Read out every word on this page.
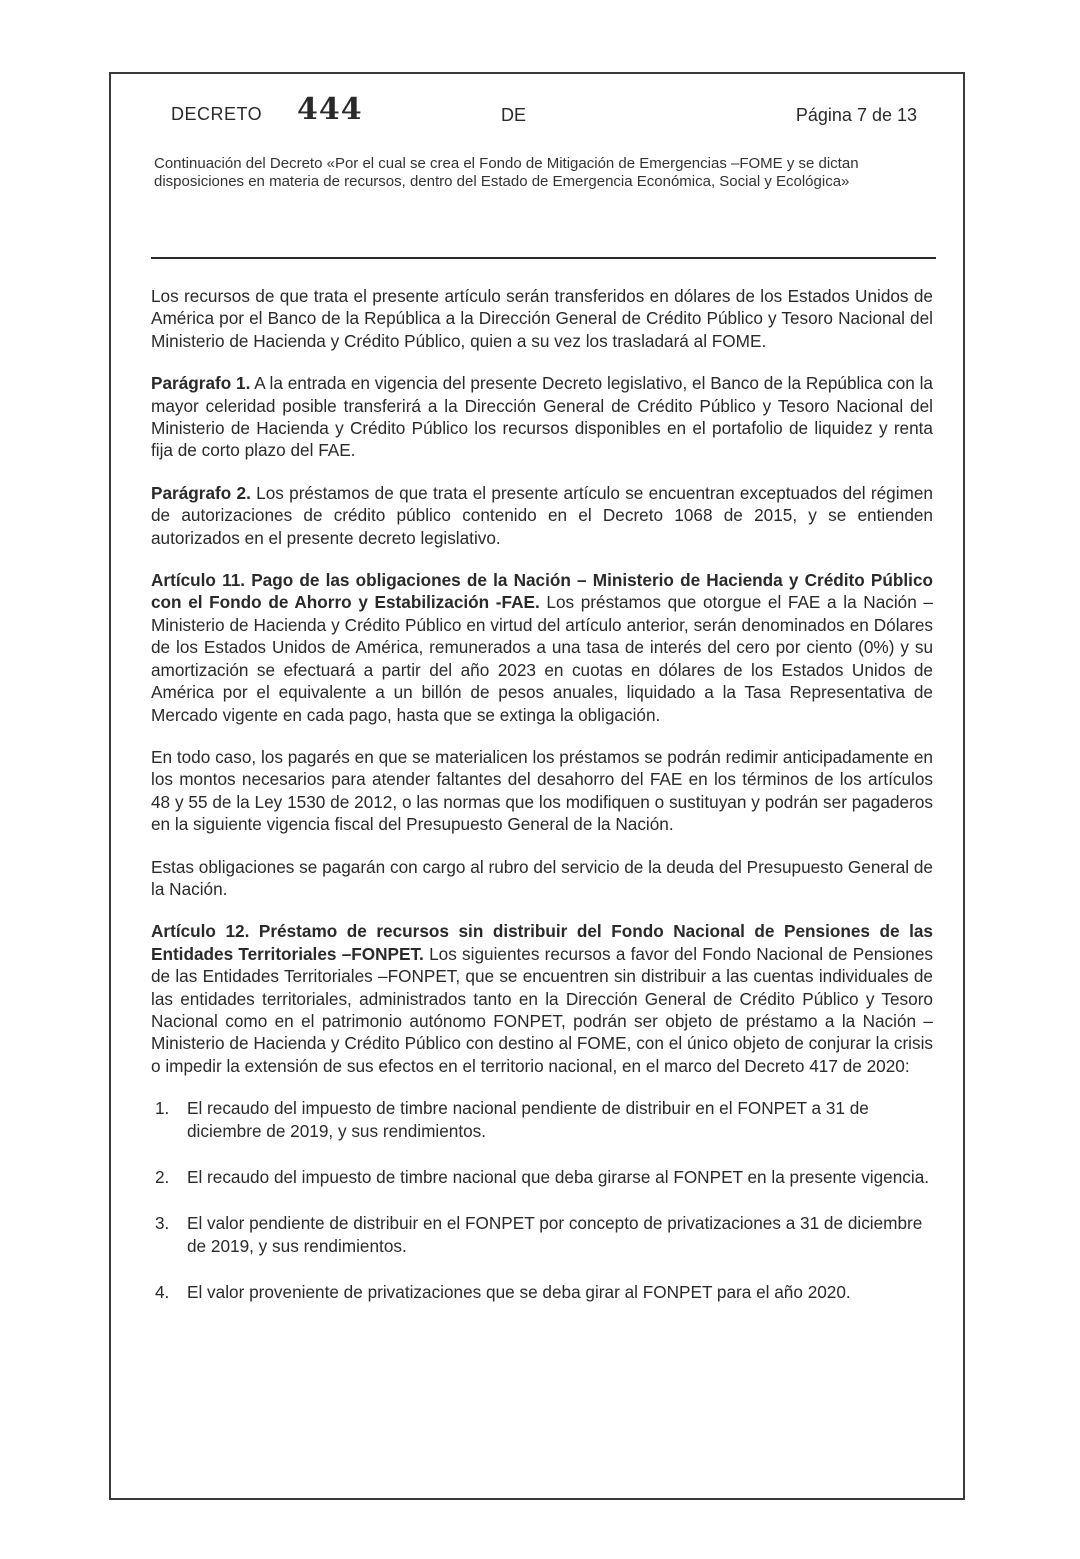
DECRETO 444	DE	Página 7 de 13
Continuación del Decreto «Por el cual se crea el Fondo de Mitigación de Emergencias –FOME y se dictan disposiciones en materia de recursos, dentro del Estado de Emergencia Económica, Social y Ecológica»

Los recursos de que trata el presente artículo serán transferidos en dólares de los Estados Unidos de América por el Banco de la República a la Dirección General de Crédito Público y Tesoro Nacional del Ministerio de Hacienda y Crédito Público, quien a su vez los trasladará al FOME.

Parágrafo 1. A la entrada en vigencia del presente Decreto legislativo, el Banco de la República con la mayor celeridad posible transferirá a la Dirección General de Crédito Público y Tesoro Nacional del Ministerio de Hacienda y Crédito Público los recursos disponibles en el portafolio de liquidez y renta fija de corto plazo del FAE.

Parágrafo 2. Los préstamos de que trata el presente artículo se encuentran exceptuados del régimen de autorizaciones de crédito público contenido en el Decreto 1068 de 2015, y se entienden autorizados en el presente decreto legislativo.

Artículo 11. Pago de las obligaciones de la Nación – Ministerio de Hacienda y Crédito Público con el Fondo de Ahorro y Estabilización -FAE. Los préstamos que otorgue el FAE a la Nación – Ministerio de Hacienda y Crédito Público en virtud del artículo anterior, serán denominados en Dólares de los Estados Unidos de América, remunerados a una tasa de interés del cero por ciento (0%) y su amortización se efectuará a partir del año 2023 en cuotas en dólares de los Estados Unidos de América por el equivalente a un billón de pesos anuales, liquidado a la Tasa Representativa de Mercado vigente en cada pago, hasta que se extinga la obligación.

En todo caso, los pagarés en que se materialicen los préstamos se podrán redimir anticipadamente en los montos necesarios para atender faltantes del desahorro del FAE en los términos de los artículos 48 y 55 de la Ley 1530 de 2012, o las normas que los modifiquen o sustituyan y podrán ser pagaderos en la siguiente vigencia fiscal del Presupuesto General de la Nación.

Estas obligaciones se pagarán con cargo al rubro del servicio de la deuda del Presupuesto General de la Nación.

Artículo 12. Préstamo de recursos sin distribuir del Fondo Nacional de Pensiones de las Entidades Territoriales –FONPET. Los siguientes recursos a favor del Fondo Nacional de Pensiones de las Entidades Territoriales –FONPET, que se encuentren sin distribuir a las cuentas individuales de las entidades territoriales, administrados tanto en la Dirección General de Crédito Público y Tesoro Nacional como en el patrimonio autónomo FONPET, podrán ser objeto de préstamo a la Nación – Ministerio de Hacienda y Crédito Público con destino al FOME, con el único objeto de conjurar la crisis o impedir la extensión de sus efectos en el territorio nacional, en el marco del Decreto 417 de 2020:

1. El recaudo del impuesto de timbre nacional pendiente de distribuir en el FONPET a 31 de diciembre de 2019, y sus rendimientos.
2. El recaudo del impuesto de timbre nacional que deba girarse al FONPET en la presente vigencia.
3. El valor pendiente de distribuir en el FONPET por concepto de privatizaciones a 31 de diciembre de 2019, y sus rendimientos.
4. El valor proveniente de privatizaciones que se deba girar al FONPET para el año 2020.
